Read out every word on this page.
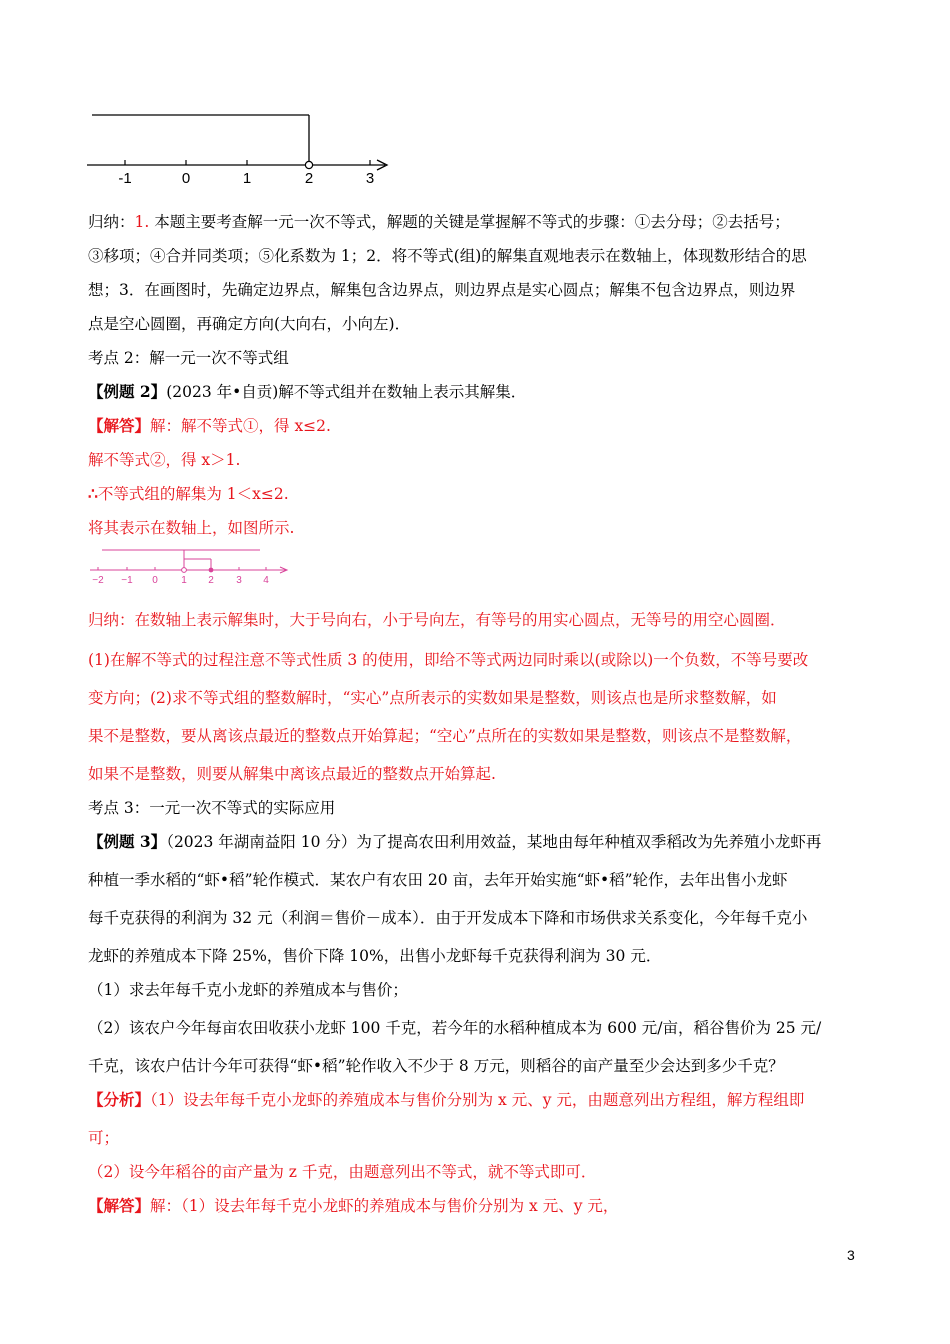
-1	0	1	2	3
归纳：1. 本题主要考查解一元一次不等式，解题的关键是掌握解不等式的步骤：①去分母；②去括号；
③移项；④合并同类项；⑤化系数为 1；2．将不等式(组)的解集直观地表示在数轴上，体现数形结合的思
想；3．在画图时，先确定边界点，解集包含边界点，则边界点是实心圆点；解集不包含边界点，则边界
点是空心圆圈，再确定方向(大向右，小向左)．
考点 2：解一元一次不等式组
【例题 2】(2023 年•自贡)解不等式组并在数轴上表示其解集．
【解答】解：解不等式①，得 x≤2.
解不等式②，得 x＞1.
∴不等式组的解集为 1＜x≤2.
将其表示在数轴上，如图所示.
归纳：在数轴上表示解集时，大于号向右，小于号向左，有等号的用实心圆点，无等号的用空心圆圈．
(1)在解不等式的过程注意不等式性质 3 的使用，即给不等式两边同时乘以(或除以)一个负数，不等号要改
变方向；(2)求不等式组的整数解时，“实心”点所表示的实数如果是整数，则该点也是所求整数解，如
果不是整数，要从离该点最近的整数点开始算起；“空心”点所在的实数如果是整数，则该点不是整数解，
如果不是整数，则要从解集中离该点最近的整数点开始算起.
考点 3：一元一次不等式的实际应用
【例题 3】（2023 年湖南益阳 10 分）为了提高农田利用效益，某地由每年种植双季稻改为先养殖小龙虾再
种植一季水稻的“虾•稻”轮作模式．某农户有农田 20 亩，去年开始实施“虾•稻”轮作，去年出售小龙虾
每千克获得的利润为 32 元（利润＝售价－成本）．由于开发成本下降和市场供求关系变化，今年每千克小
龙虾的养殖成本下降 25%，售价下降 10%，出售小龙虾每千克获得利润为 30 元．
（1）求去年每千克小龙虾的养殖成本与售价；
（2）该农户今年每亩农田收获小龙虾 100 千克，若今年的水稻种植成本为 600 元/亩，稻谷售价为 25 元/
千克，该农户估计今年可获得“虾•稻”轮作收入不少于 8 万元，则稻谷的亩产量至少会达到多少千克？
【分析】（1）设去年每千克小龙虾的养殖成本与售价分别为 x 元、y 元，由题意列出方程组，解方程组即
可；
（2）设今年稻谷的亩产量为 z 千克，由题意列出不等式，就不等式即可．
【解答】解：（1）设去年每千克小龙虾的养殖成本与售价分别为 x 元、y 元，
−2 −1 0 1 2 3 4
3
